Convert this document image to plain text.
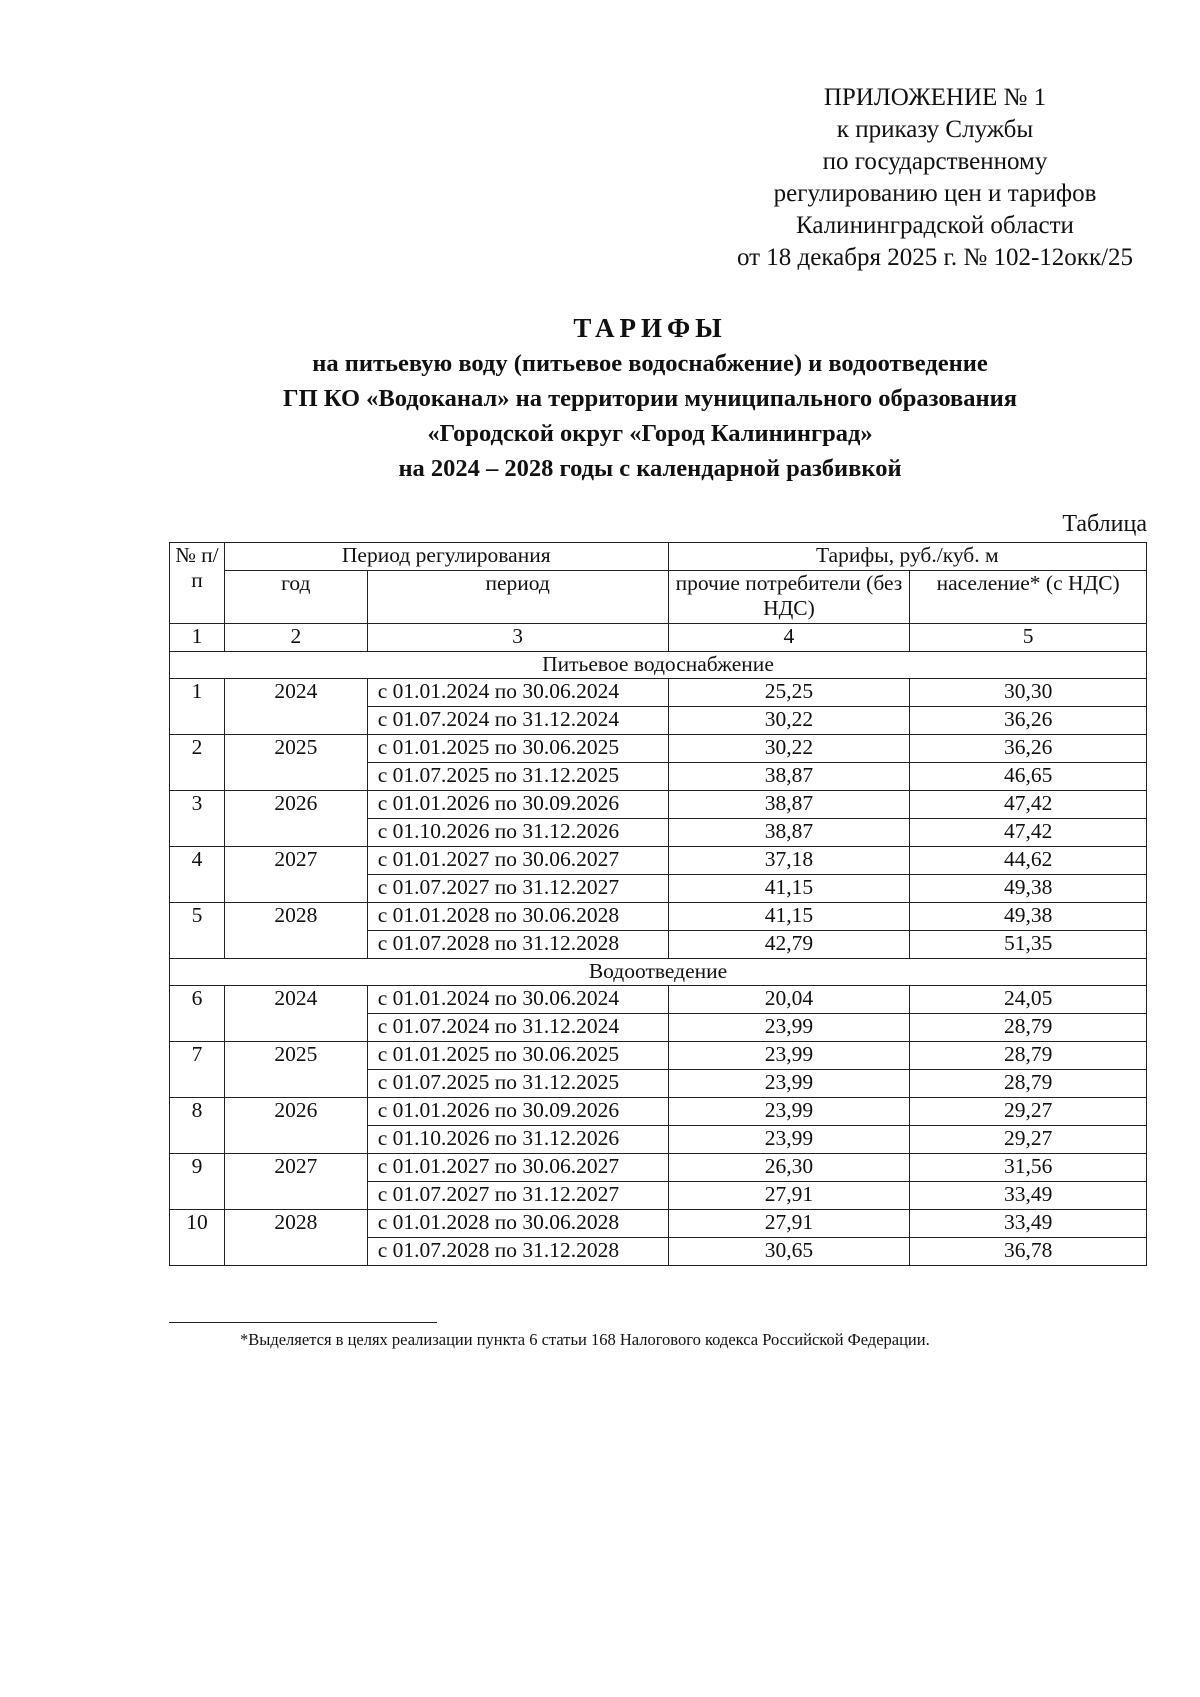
ПРИЛОЖЕНИЕ № 1
к приказу Службы
по государственному
регулированию цен и тарифов
Калининградской области
от 18 декабря 2025 г. № 102-12окк/25
ТАРИФЫ
на питьевую воду (питьевое водоснабжение) и водоотведение
ГП КО «Водоканал» на территории муниципального образования
«Городской округ «Город Калининград»
на 2024 – 2028 годы с календарной разбивкой
Таблица
№ п/п	Период регулирования		Тарифы, руб./куб. м	
	год	период	прочие потребители (без НДС)	население* (с НДС)
1	2	3	4	5
Питьевое водоснабжение				
1	2024	с 01.01.2024 по 30.06.2024	25,25	30,30
		с 01.07.2024 по 31.12.2024	30,22	36,26
2	2025	с 01.01.2025 по 30.06.2025	30,22	36,26
		с 01.07.2025 по 31.12.2025	38,87	46,65
3	2026	с 01.01.2026 по 30.09.2026	38,87	47,42
		с 01.10.2026 по 31.12.2026	38,87	47,42
4	2027	с 01.01.2027 по 30.06.2027	37,18	44,62
		с 01.07.2027 по 31.12.2027	41,15	49,38
5	2028	с 01.01.2028 по 30.06.2028	41,15	49,38
		с 01.07.2028 по 31.12.2028	42,79	51,35
Водоотведение				
6	2024	с 01.01.2024 по 30.06.2024	20,04	24,05
		с 01.07.2024 по 31.12.2024	23,99	28,79
7	2025	с 01.01.2025 по 30.06.2025	23,99	28,79
		с 01.07.2025 по 31.12.2025	23,99	28,79
8	2026	с 01.01.2026 по 30.09.2026	23,99	29,27
		с 01.10.2026 по 31.12.2026	23,99	29,27
9	2027	с 01.01.2027 по 30.06.2027	26,30	31,56
		с 01.07.2027 по 31.12.2027	27,91	33,49
10	2028	с 01.01.2028 по 30.06.2028	27,91	33,49
		с 01.07.2028 по 31.12.2028	30,65	36,78
*Выделяется в целях реализации пункта 6 статьи 168 Налогового кодекса Российской Федерации.
